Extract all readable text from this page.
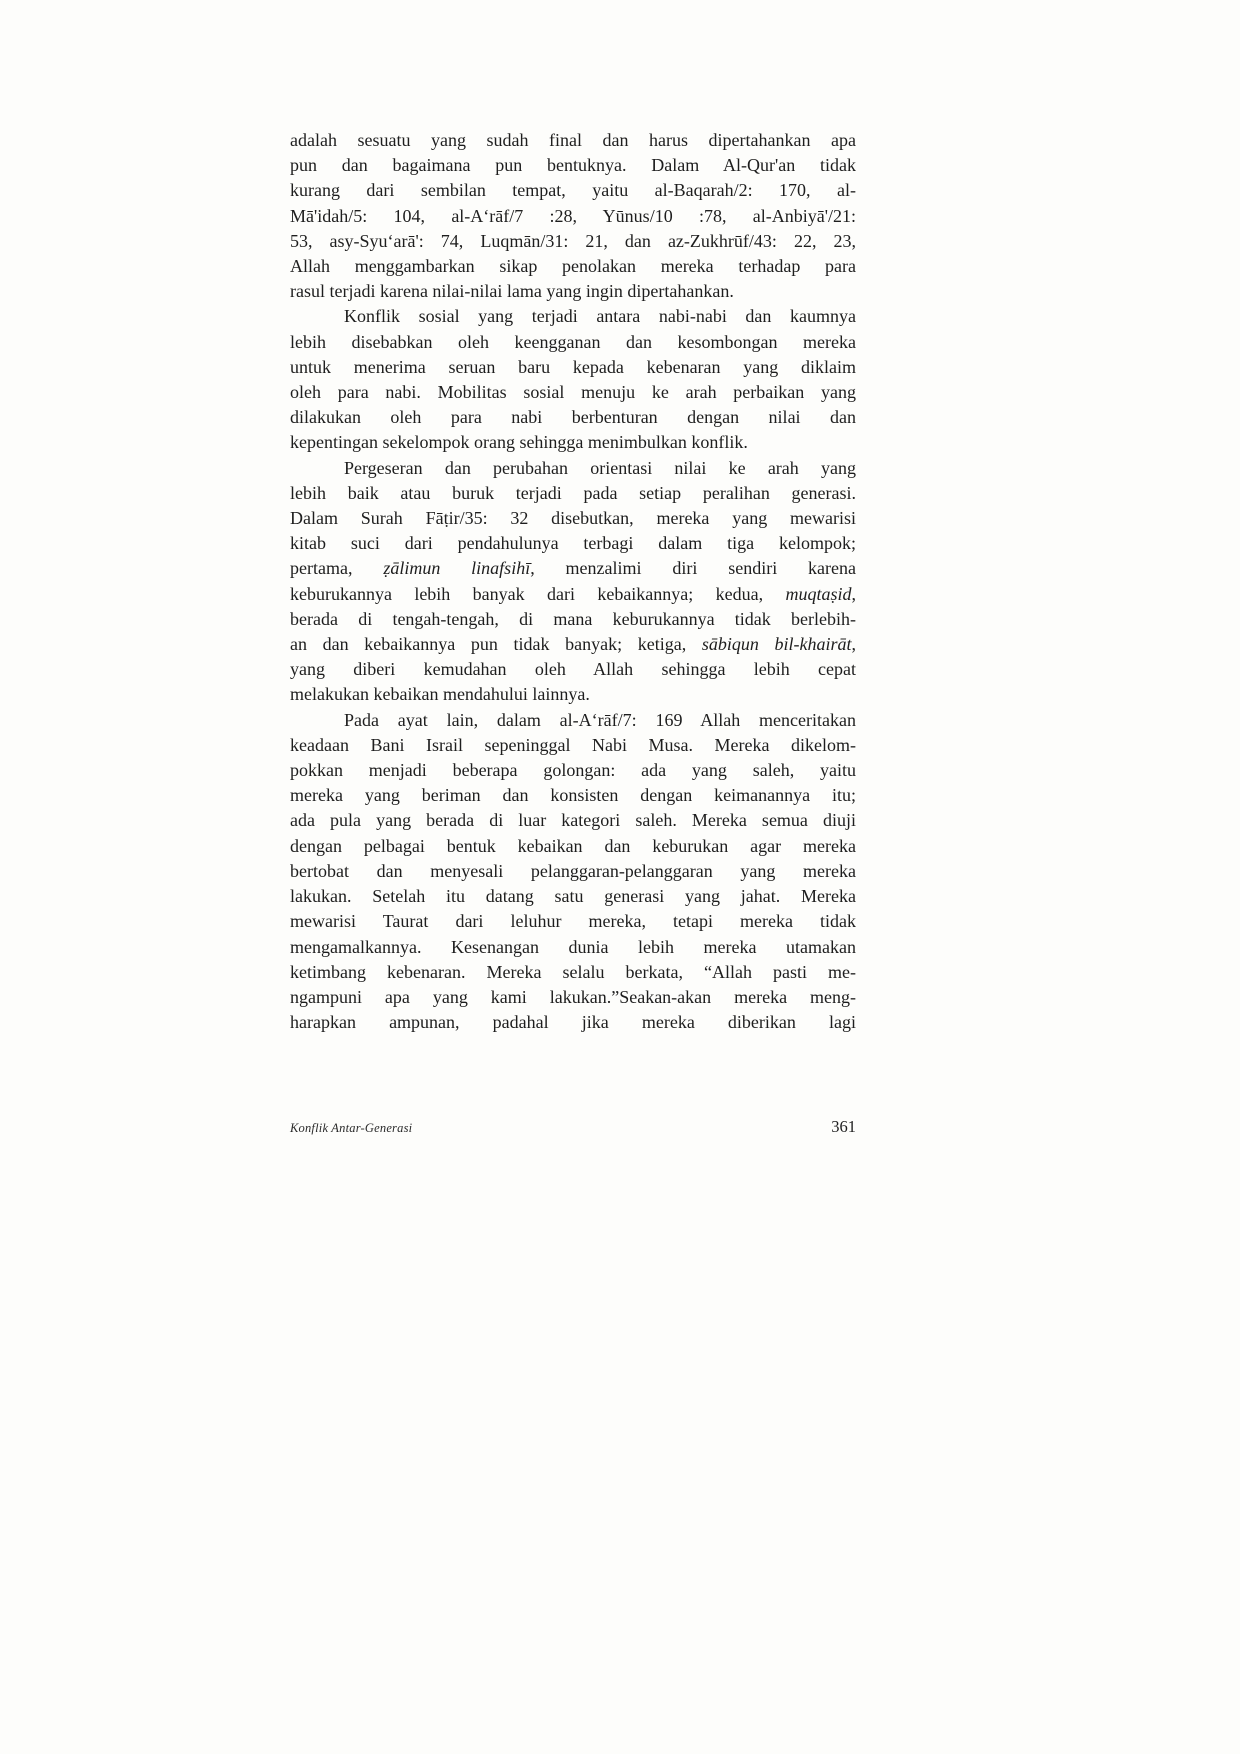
adalah sesuatu yang sudah final dan harus dipertahankan apa
pun dan bagaimana pun bentuknya. Dalam Al-Qur'an tidak
kurang dari sembilan tempat, yaitu al-Baqarah/2: 170, al-
Mā'idah/5: 104, al-A‘rāf/7 :28, Yūnus/10 :78, al-Anbiyā'/21:
53, asy-Syu‘arā': 74, Luqmān/31: 21, dan az-Zukhrūf/43: 22, 23,
Allah menggambarkan sikap penolakan mereka terhadap para
rasul terjadi karena nilai-nilai lama yang ingin dipertahankan.
Konflik sosial yang terjadi antara nabi-nabi dan kaumnya
lebih disebabkan oleh keengganan dan kesombongan mereka
untuk menerima seruan baru kepada kebenaran yang diklaim
oleh para nabi. Mobilitas sosial menuju ke arah perbaikan yang
dilakukan oleh para nabi berbenturan dengan nilai dan
kepentingan sekelompok orang sehingga menimbulkan konflik.
Pergeseran dan perubahan orientasi nilai ke arah yang
lebih baik atau buruk terjadi pada setiap peralihan generasi.
Dalam Surah Fāṭir/35: 32 disebutkan, mereka yang mewarisi
kitab suci dari pendahulunya terbagi dalam tiga kelompok;
pertama, ẓālimun linafsihī, menzalimi diri sendiri karena
keburukannya lebih banyak dari kebaikannya; kedua, muqtaṣid,
berada di tengah-tengah, di mana keburukannya tidak berlebih-
an dan kebaikannya pun tidak banyak; ketiga, sābiqun bil-khairāt,
yang diberi kemudahan oleh Allah sehingga lebih cepat
melakukan kebaikan mendahului lainnya.
Pada ayat lain, dalam al-A‘rāf/7: 169 Allah menceritakan
keadaan Bani Israil sepeninggal Nabi Musa. Mereka dikelom-
pokkan menjadi beberapa golongan: ada yang saleh, yaitu
mereka yang beriman dan konsisten dengan keimanannya itu;
ada pula yang berada di luar kategori saleh. Mereka semua diuji
dengan pelbagai bentuk kebaikan dan keburukan agar mereka
bertobat dan menyesali pelanggaran-pelanggaran yang mereka
lakukan. Setelah itu datang satu generasi yang jahat. Mereka
mewarisi Taurat dari leluhur mereka, tetapi mereka tidak
mengamalkannya. Kesenangan dunia lebih mereka utamakan
ketimbang kebenaran. Mereka selalu berkata, “Allah pasti me-
ngampuni apa yang kami lakukan.”Seakan-akan mereka meng-
harapkan ampunan, padahal jika mereka diberikan lagi
Konflik Antar-Generasi	361
